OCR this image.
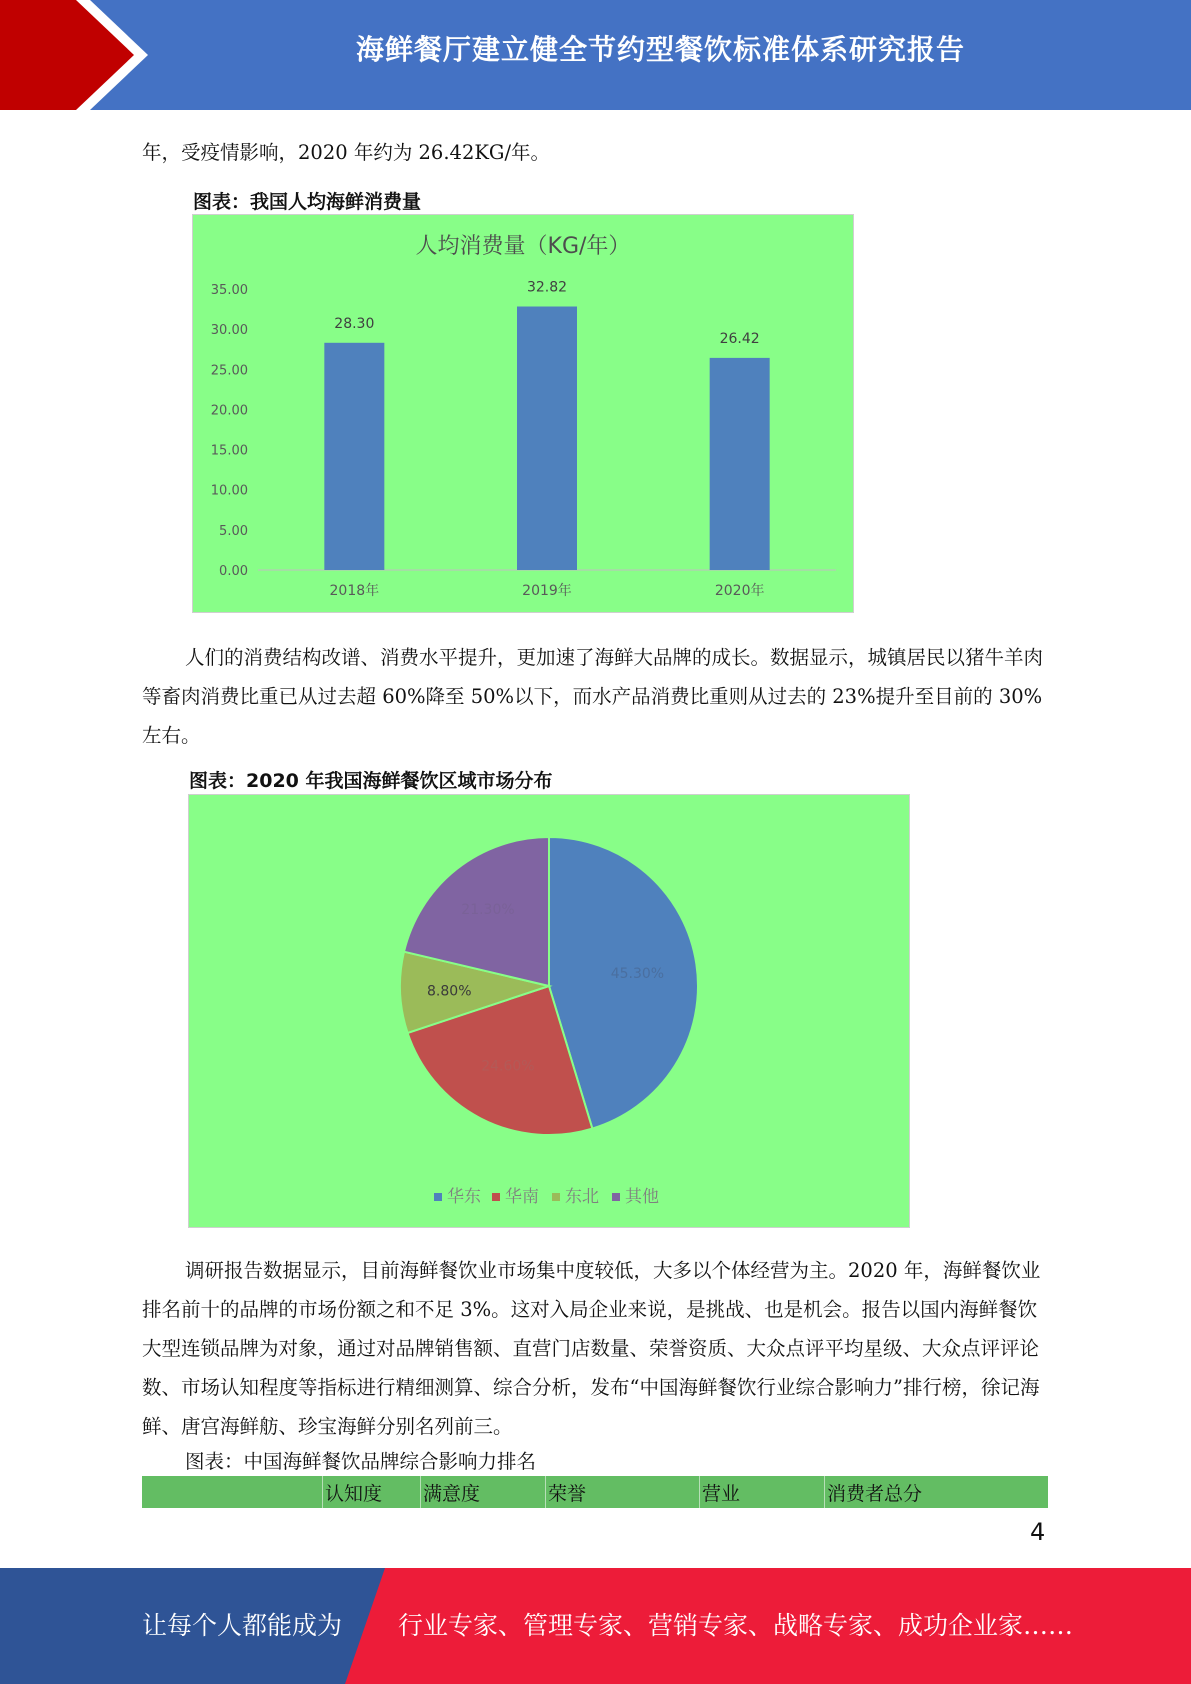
海鲜餐厅建立健全节约型餐饮标准体系研究报告

年，受疫情影响，2020 年约为 26.42KG/年。

图表：我国人均海鲜消费量

人均消费量（KG/年）
0.00
5.00
10.00
15.00
20.00
25.00
30.00
35.00
28.30
32.82
26.42
2018年	2019年	2020年

人们的消费结构改谱、消费水平提升，更加速了海鲜大品牌的成长。数据显示，城镇居民以猪牛羊肉等畜肉消费比重已从过去超 60%降至 50%以下，而水产品消费比重则从过去的 23%提升至目前的 30%左右。

图表：2020 年我国海鲜餐饮区域市场分布

45.30%
24.60%
8.80%
21.30%
华东 华南 东北 其他

调研报告数据显示，目前海鲜餐饮业市场集中度较低，大多以个体经营为主。2020 年，海鲜餐饮业排名前十的品牌的市场份额之和不足 3%。这对入局企业来说，是挑战、也是机会。报告以国内海鲜餐饮大型连锁品牌为对象，通过对品牌销售额、直营门店数量、荣誉资质、大众点评平均星级、大众点评评论数、市场认知程度等指标进行精细测算、综合分析，发布“中国海鲜餐饮行业综合影响力”排行榜，徐记海鲜、唐宫海鲜舫、珍宝海鲜分别名列前三。

图表：中国海鲜餐饮品牌综合影响力排名

	认知度	满意度	荣誉	营业	消费者总分
4
让每个人都能成为 行业专家、管理专家、营销专家、战略专家、成功企业家……
